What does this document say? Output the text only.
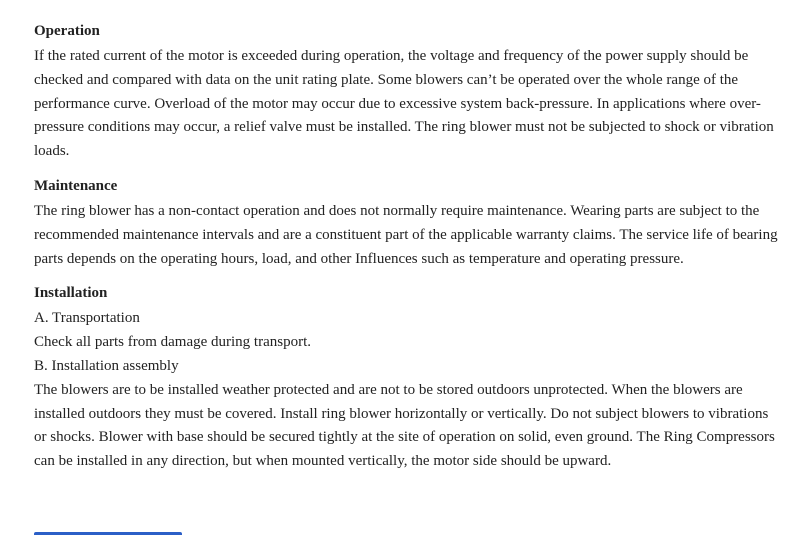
Operation

If the rated current of the motor is exceeded during operation, the voltage and frequency of the power supply should be checked and compared with data on the unit rating plate. Some blowers can’t be operated over the whole range of the performance curve. Overload of the motor may occur due to excessive system back-pressure. In applications where over-pressure conditions may occur, a relief valve must be installed. The ring blower must not be subjected to shock or vibration loads.

Maintenance

The ring blower has a non-contact operation and does not normally require maintenance. Wearing parts are subject to the recommended maintenance intervals and are a constituent part of the applicable warranty claims. The service life of bearing parts depends on the operating hours, load, and other Influences such as temperature and operating pressure.

Installation

A. Transportation

Check all parts from damage during transport.

B. Installation assembly

The blowers are to be installed weather protected and are not to be stored outdoors unprotected. When the blowers are installed outdoors they must be covered. Install ring blower horizontally or vertically. Do not subject blowers to vibrations or shocks. Blower with base should be secured tightly at the site of operation on solid, even ground. The Ring Compressors can be installed in any direction, but when mounted vertically, the motor side should be upward.
